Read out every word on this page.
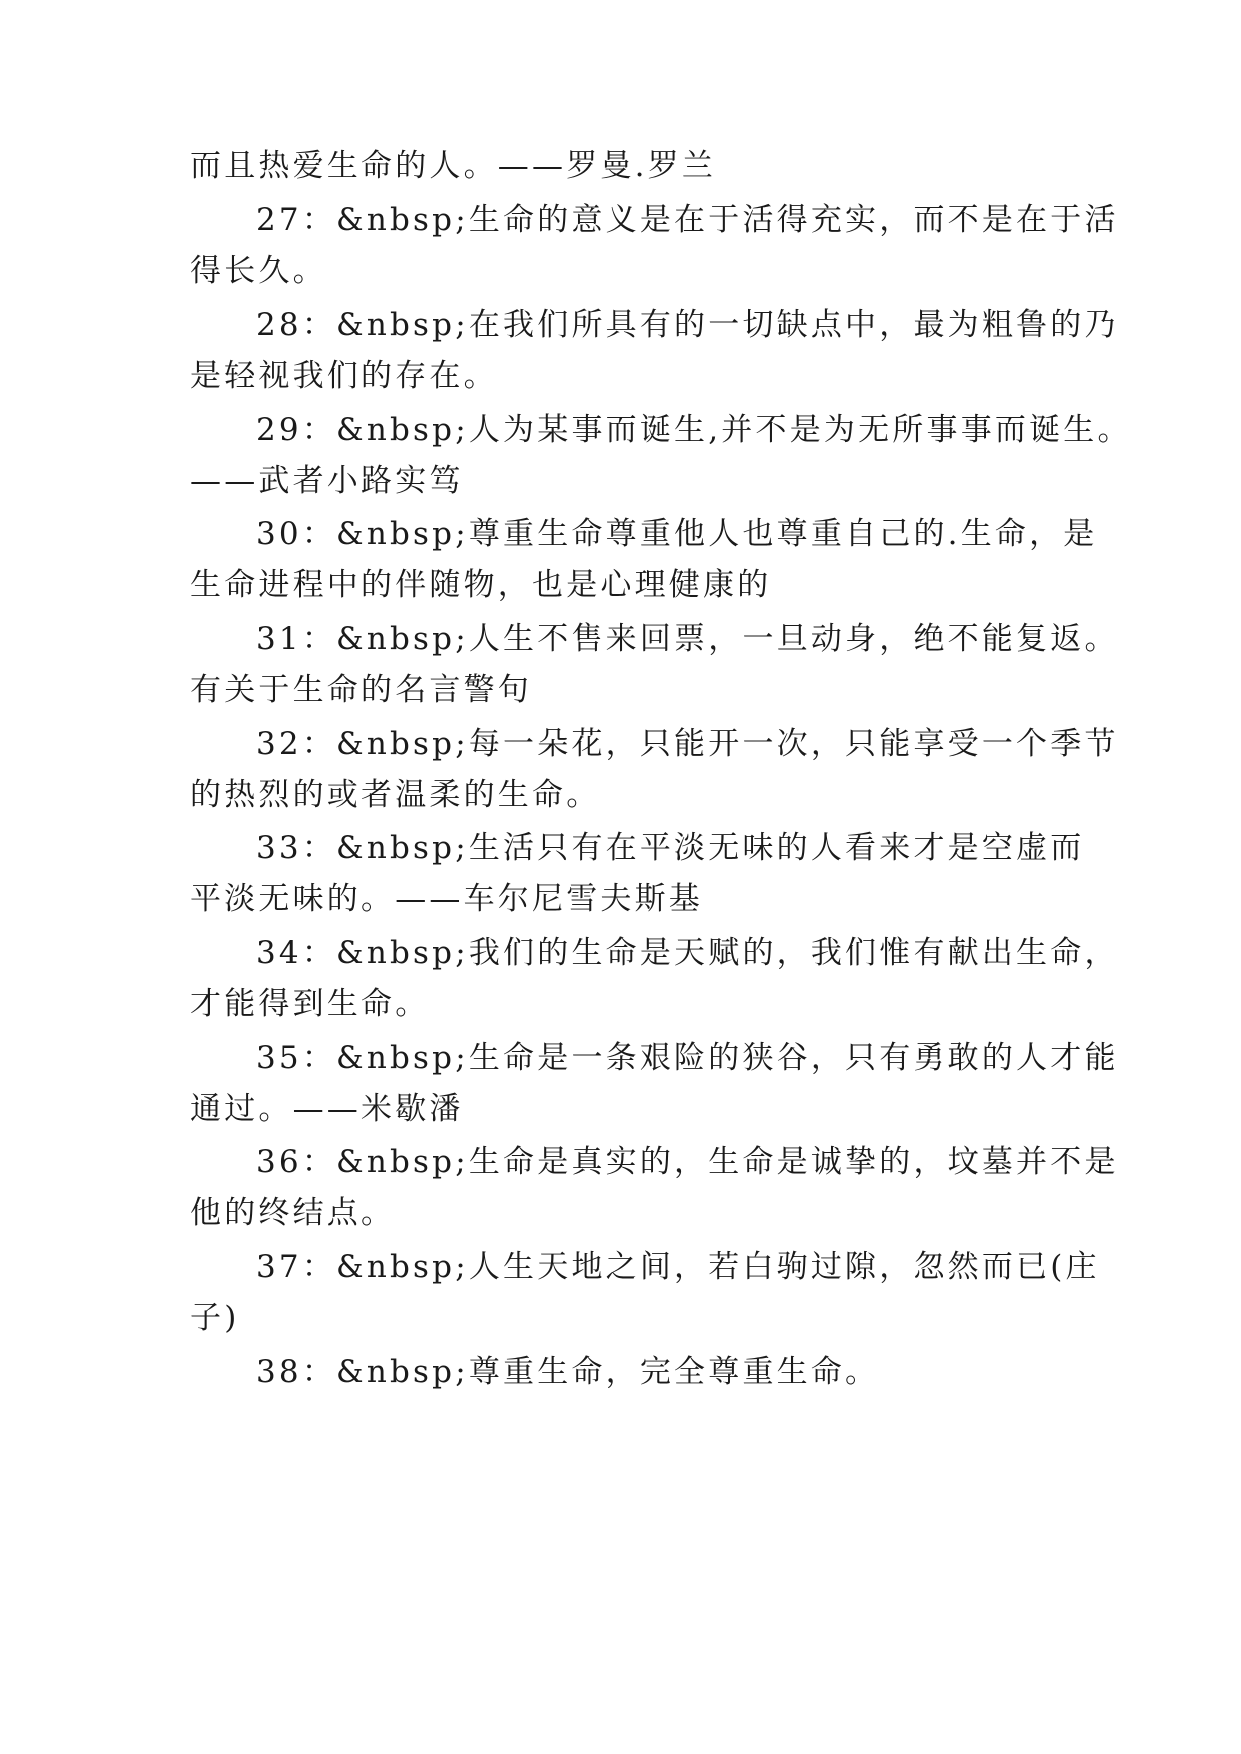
而且热爱生命的人。——罗曼.罗兰
27：&nbsp;生命的意义是在于活得充实，而不是在于活
得长久。
28：&nbsp;在我们所具有的一切缺点中，最为粗鲁的乃
是轻视我们的存在。
29：&nbsp;人为某事而诞生,并不是为无所事事而诞生。
——武者小路实笃
30：&nbsp;尊重生命尊重他人也尊重自己的.生命，是
生命进程中的伴随物，也是心理健康的
31：&nbsp;人生不售来回票，一旦动身，绝不能复返。
有关于生命的名言警句
32：&nbsp;每一朵花，只能开一次，只能享受一个季节
的热烈的或者温柔的生命。
33：&nbsp;生活只有在平淡无味的人看来才是空虚而
平淡无味的。——车尔尼雪夫斯基
34：&nbsp;我们的生命是天赋的，我们惟有献出生命，
才能得到生命。
35：&nbsp;生命是一条艰险的狭谷，只有勇敢的人才能
通过。——米歇潘
36：&nbsp;生命是真实的，生命是诚挚的，坟墓并不是
他的终结点。
37：&nbsp;人生天地之间，若白驹过隙，忽然而已(庄
子)
38：&nbsp;尊重生命，完全尊重生命。
